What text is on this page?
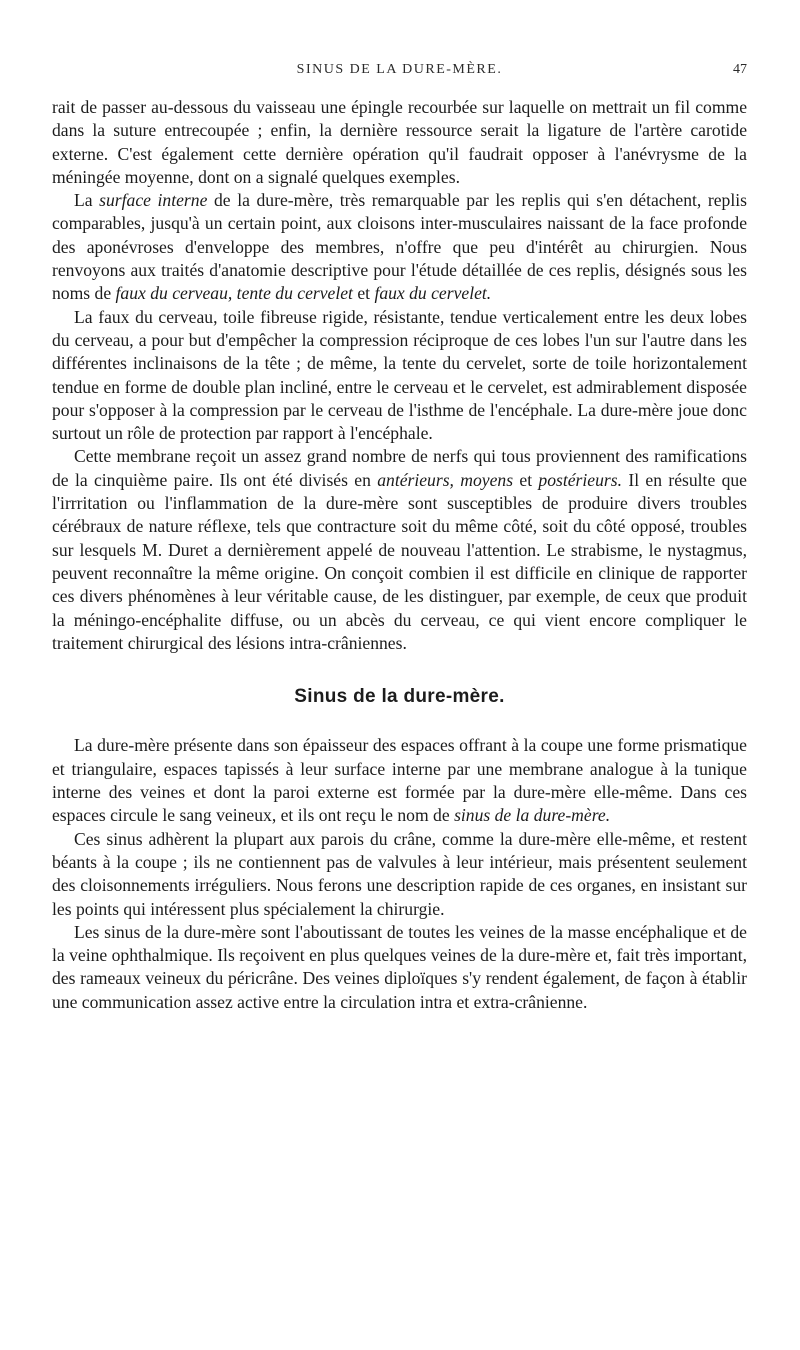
SINUS DE LA DURE-MÈRE.	47

rait de passer au-dessous du vaisseau une épingle recourbée sur laquelle on mettrait un fil comme dans la suture entrecoupée ; enfin, la dernière ressource serait la ligature de l'artère carotide externe. C'est également cette dernière opération qu'il faudrait opposer à l'anévrysme de la méningée moyenne, dont on a signalé quelques exemples.

La surface interne de la dure-mère, très remarquable par les replis qui s'en détachent, replis comparables, jusqu'à un certain point, aux cloisons inter-musculaires naissant de la face profonde des aponévroses d'enveloppe des membres, n'offre que peu d'intérêt au chirurgien. Nous renvoyons aux traités d'anatomie descriptive pour l'étude détaillée de ces replis, désignés sous les noms de faux du cerveau, tente du cervelet et faux du cervelet.

La faux du cerveau, toile fibreuse rigide, résistante, tendue verticalement entre les deux lobes du cerveau, a pour but d'empêcher la compression réciproque de ces lobes l'un sur l'autre dans les différentes inclinaisons de la tête ; de même, la tente du cervelet, sorte de toile horizontalement tendue en forme de double plan incliné, entre le cerveau et le cervelet, est admirablement disposée pour s'opposer à la compression par le cerveau de l'isthme de l'encéphale. La dure-mère joue donc surtout un rôle de protection par rapport à l'encéphale.

Cette membrane reçoit un assez grand nombre de nerfs qui tous proviennent des ramifications de la cinquième paire. Ils ont été divisés en antérieurs, moyens et postérieurs. Il en résulte que l'irrritation ou l'inflammation de la dure-mère sont susceptibles de produire divers troubles cérébraux de nature réflexe, tels que contracture soit du même côté, soit du côté opposé, troubles sur lesquels M. Duret a dernièrement appelé de nouveau l'attention. Le strabisme, le nystagmus, peuvent reconnaître la même origine. On conçoit combien il est difficile en clinique de rapporter ces divers phénomènes à leur véritable cause, de les distinguer, par exemple, de ceux que produit la méningo-encéphalite diffuse, ou un abcès du cerveau, ce qui vient encore compliquer le traitement chirurgical des lésions intra-crâniennes.

Sinus de la dure-mère.

La dure-mère présente dans son épaisseur des espaces offrant à la coupe une forme prismatique et triangulaire, espaces tapissés à leur surface interne par une membrane analogue à la tunique interne des veines et dont la paroi externe est formée par la dure-mère elle-même. Dans ces espaces circule le sang veineux, et ils ont reçu le nom de sinus de la dure-mère.

Ces sinus adhèrent la plupart aux parois du crâne, comme la dure-mère elle-même, et restent béants à la coupe ; ils ne contiennent pas de valvules à leur intérieur, mais présentent seulement des cloisonnements irréguliers. Nous ferons une description rapide de ces organes, en insistant sur les points qui intéressent plus spécialement la chirurgie.

Les sinus de la dure-mère sont l'aboutissant de toutes les veines de la masse encéphalique et de la veine ophthalmique. Ils reçoivent en plus quelques veines de la dure-mère et, fait très important, des rameaux veineux du péricrâne. Des veines diploïques s'y rendent également, de façon à établir une communication assez active entre la circulation intra et extra-crânienne.
